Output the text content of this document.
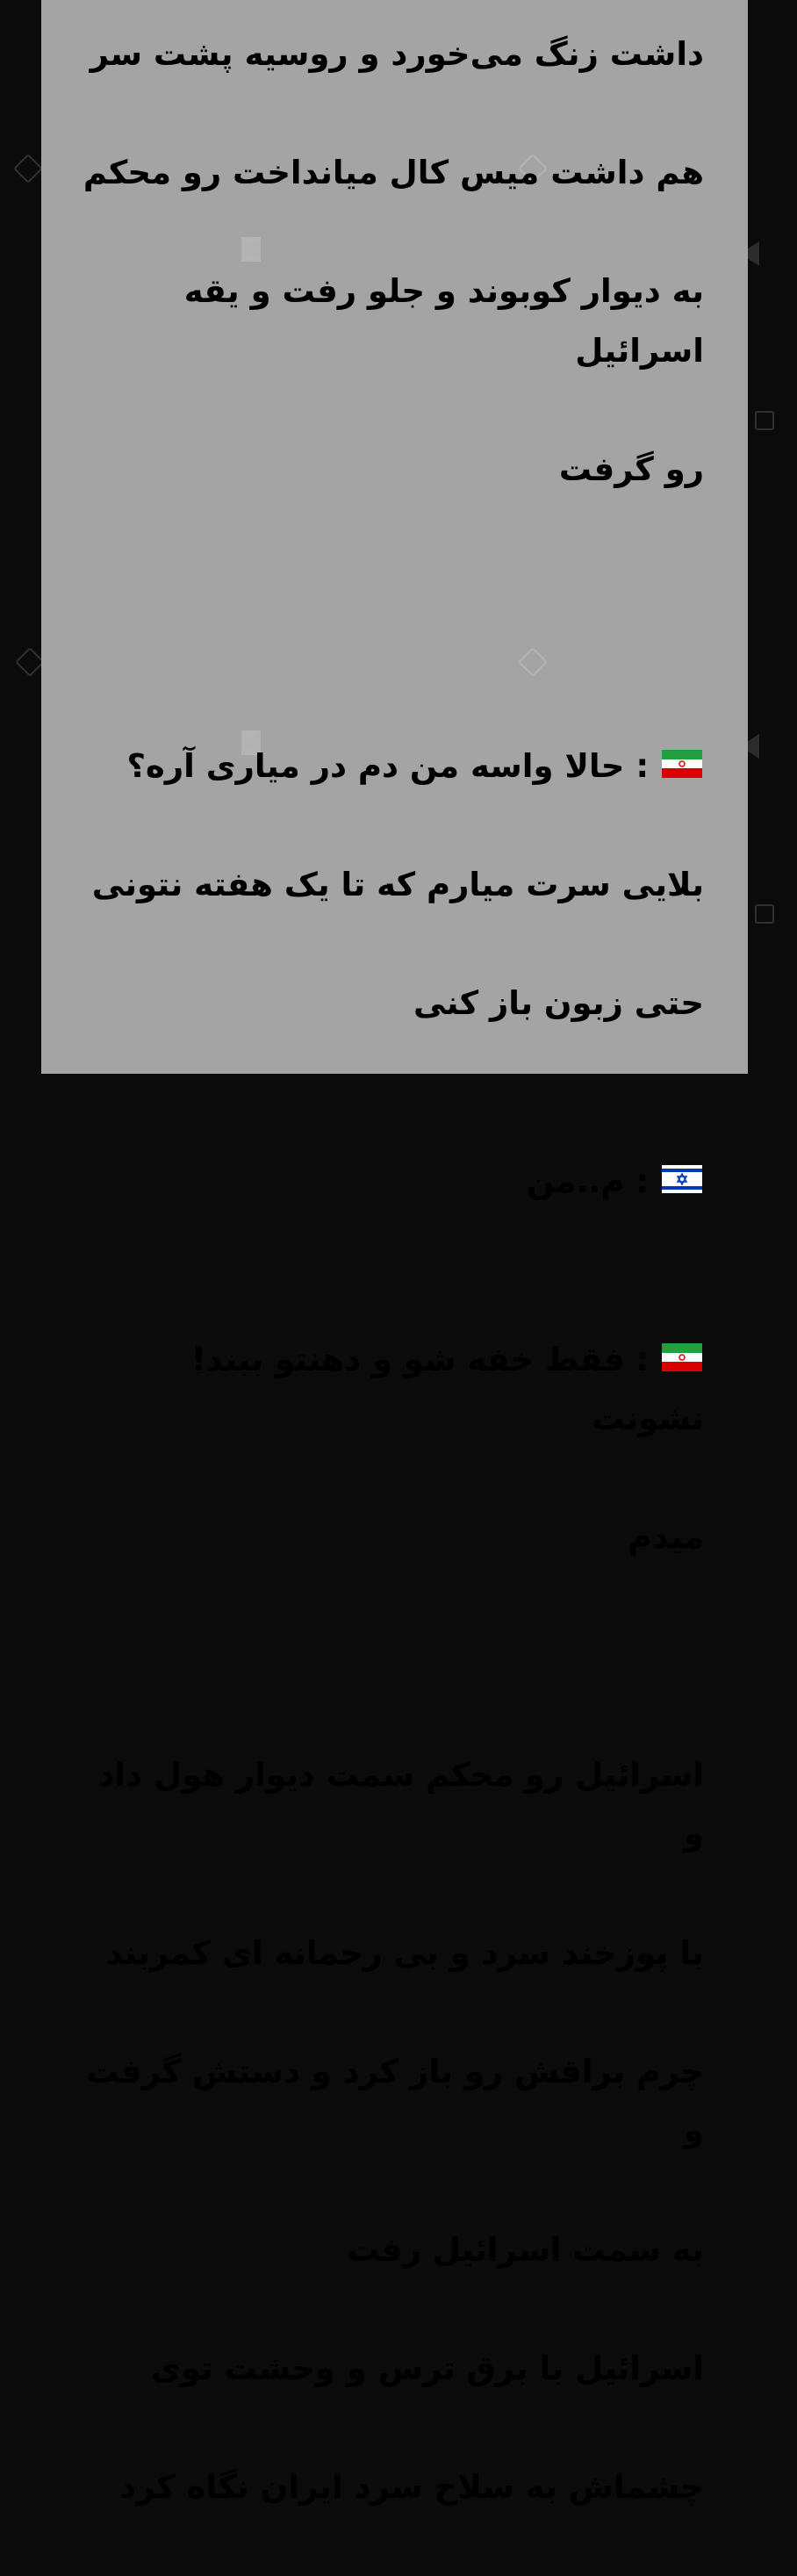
داشت زنگ می‌خورد و روسیه پشت سر

هم داشت میس کال میانداخت رو محکم

به دیوار کوبوند و جلو رفت و یقه اسرائیل

رو گرفت

: حالا واسه من دم در میاری آره؟

بلایی سرت میارم که تا یک هفته نتونی

حتی زبون باز کنی

: م..من

: فقط خفه شو و دهنتو ببند! نشونت

میدم

اسرائیل رو محکم سمت دیوار هول داد و

با پوزخند سرد و بی رحمانه ای کمربند

چرم براقش رو باز کرد و دستش گرفت و

به سمت اسرائیل رفت

اسرائیل با برق ترس و وحشت توی

چشماش به سلاح سرد ایران نگاه کرد
